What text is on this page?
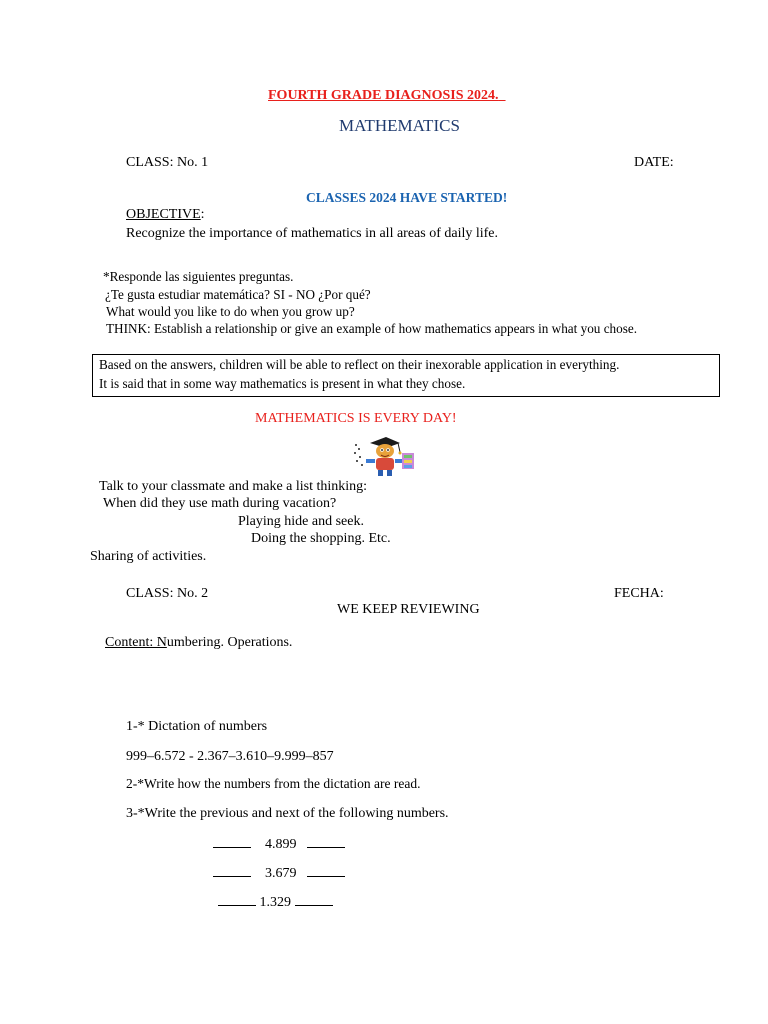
FOURTH GRADE DIAGNOSIS 2024.
MATHEMATICS
CLASS: No. 1	DATE:
CLASSES 2024 HAVE STARTED!
OBJECTIVE:
Recognize the importance of mathematics in all areas of daily life.
*Responde las siguientes preguntas.
¿Te gusta estudiar matemática? SI - NO ¿Por qué?
What would you like to do when you grow up?
THINK: Establish a relationship or give an example of how mathematics appears in what you chose.
Based on the answers, children will be able to reflect on their inexorable application in everything.
It is said that in some way mathematics is present in what they chose.
MATHEMATICS IS EVERY DAY!
Talk to your classmate and make a list thinking:
When did they use math during vacation?
Playing hide and seek.
Doing the shopping. Etc.
Sharing of activities.
CLASS: No. 2	FECHA:
WE KEEP REVIEWING
Content: Numbering. Operations.
1-* Dictation of numbers
999–6.572 - 2.367–3.610–9.999–857
2-*Write how the numbers from the dictation are read.
3-*Write the previous and next of the following numbers.
4.899
3.679
1.329
